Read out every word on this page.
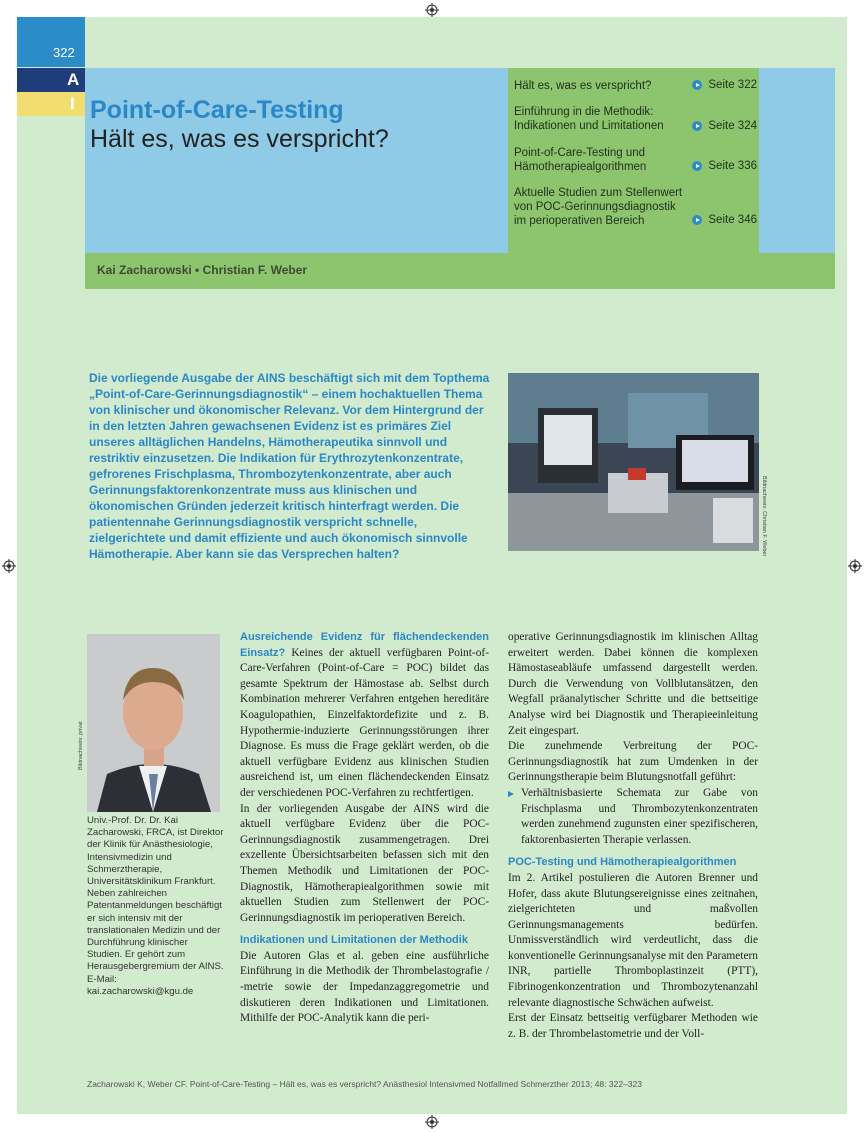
322
A
I Point-of-Care-Testing
Hält es, was es verspricht?
Hält es, was es verspricht?	Seite 322
Einführung in die Methodik:
Indikationen und Limitationen	Seite 324
Point-of-Care-Testing und
Hämotherapiealgorithmen	Seite 336
Aktuelle Studien zum Stellenwert
von POC-Gerinnungsdiagnostik
im perioperativen Bereich	Seite 346
Kai Zacharowski • Christian F. Weber
Die vorliegende Ausgabe der AINS beschäftigt sich mit dem Topthema „Point-of-Care-Gerinnungsdiagnostik“ – einem hochaktuellen Thema von klinischer und ökonomischer Relevanz. Vor dem Hintergrund der in den letzten Jahren gewachsenen Evidenz ist es primäres Ziel unseres alltäglichen Handelns, Hämotherapeutika sinnvoll und restriktiv einzusetzen. Die Indikation für Erythrozytenkonzentrate, gefrorenes Frischplasma, Thrombozytenkonzentrate, aber auch Gerinnungsfaktorenkonzentrate muss aus klinischen und ökonomischen Gründen jederzeit kritisch hinterfragt werden. Die patientennahe Gerinnungsdiagnostik verspricht schnelle, zielgerichtete und damit effiziente und auch ökonomisch sinnvolle Hämotherapie. Aber kann sie das Versprechen halten?	Bildnachweis: Christian F. Weber
Bildnachweis: privat
Univ.-Prof. Dr. Dr. Kai Zacharowski, FRCA, ist Direktor der Klinik für Anästhesiologie, Intensivmedizin und Schmerztherapie, Universitätsklinikum Frankfurt. Neben zahlreichen Patentanmeldungen beschäftigt er sich intensiv mit der translationalen Medizin und der Durchführung klinischer Studien. Er gehört zum Herausgebergremium der AINS.
E-Mail: kai.zacharowski@kgu.de

Ausreichende Evidenz für flächendeckenden Einsatz? Keines der aktuell verfügbaren Point-of-Care-Verfahren (Point-of-Care = POC) bildet das gesamte Spektrum der Hämostase ab. Selbst durch Kombination mehrerer Verfahren entgehen hereditäre Koagulopathien, Einzelfaktordefizite und z. B. Hypothermie-induzierte Gerinnungsstörungen ihrer Diagnose. Es muss die Frage geklärt werden, ob die aktuell verfügbare Evidenz aus klinischen Studien ausreichend ist, um einen flächendeckenden Einsatz der verschiedenen POC-Verfahren zu rechtfertigen.

In der vorliegenden Ausgabe der AINS wird die aktuell verfügbare Evidenz über die POC-Gerinnungsdiagnostik zusammengetragen. Drei exzellente Übersichtsarbeiten befassen sich mit den Themen Methodik und Limitationen der POC-Diagnostik, Hämotherapiealgorithmen sowie mit aktuellen Studien zum Stellenwert der POC-Gerinnungsdiagnostik im perioperativen Bereich.

Indikationen und Limitationen der Methodik

Die Autoren Glas et al. geben eine ausführliche Einführung in die Methodik der Thrombelastografie / -metrie sowie der Impedanzaggregometrie und diskutieren deren Indikationen und Limitationen. Mithilfe der POC-Analytik kann die peri-

operative Gerinnungsdiagnostik im klinischen Alltag erweitert werden. Dabei können die komplexen Hämostaseabläufe umfassend dargestellt werden. Durch die Verwendung von Vollblutansätzen, den Wegfall präanalytischer Schritte und die bettseitige Analyse wird bei Diagnostik und Therapieeinleitung Zeit eingespart.

Die zunehmende Verbreitung der POC-Gerinnungsdiagnostik hat zum Umdenken in der Gerinnungstherapie beim Blutungsnotfall geführt:

Verhältnisbasierte Schemata zur Gabe von Frischplasma und Thrombozytenkonzentraten werden zunehmend zugunsten einer spezifischeren, faktorenbasierten Therapie verlassen.

POC-Testing und Hämotherapiealgorithmen

Im 2. Artikel postulieren die Autoren Brenner und Hofer, dass akute Blutungsereignisse eines zeitnahen, zielgerichteten und maßvollen Gerinnungsmanagements bedürfen. Unmissverständlich wird verdeutlicht, dass die konventionelle Gerinnungsanalyse mit den Parametern INR, partielle Thromboplastinzeit (PTT), Fibrinogenkonzentration und Thrombozytenanzahl relevante diagnostische Schwächen aufweist.

Erst der Einsatz bettseitig verfügbarer Methoden wie z. B. der Thrombelastometrie und der Voll-

Zacharowski K, Weber CF. Point-of-Care-Testing – Hält es, was es verspricht? Anästhesiol Intensivmed Notfallmed Schmerzther 2013; 48: 322–323
